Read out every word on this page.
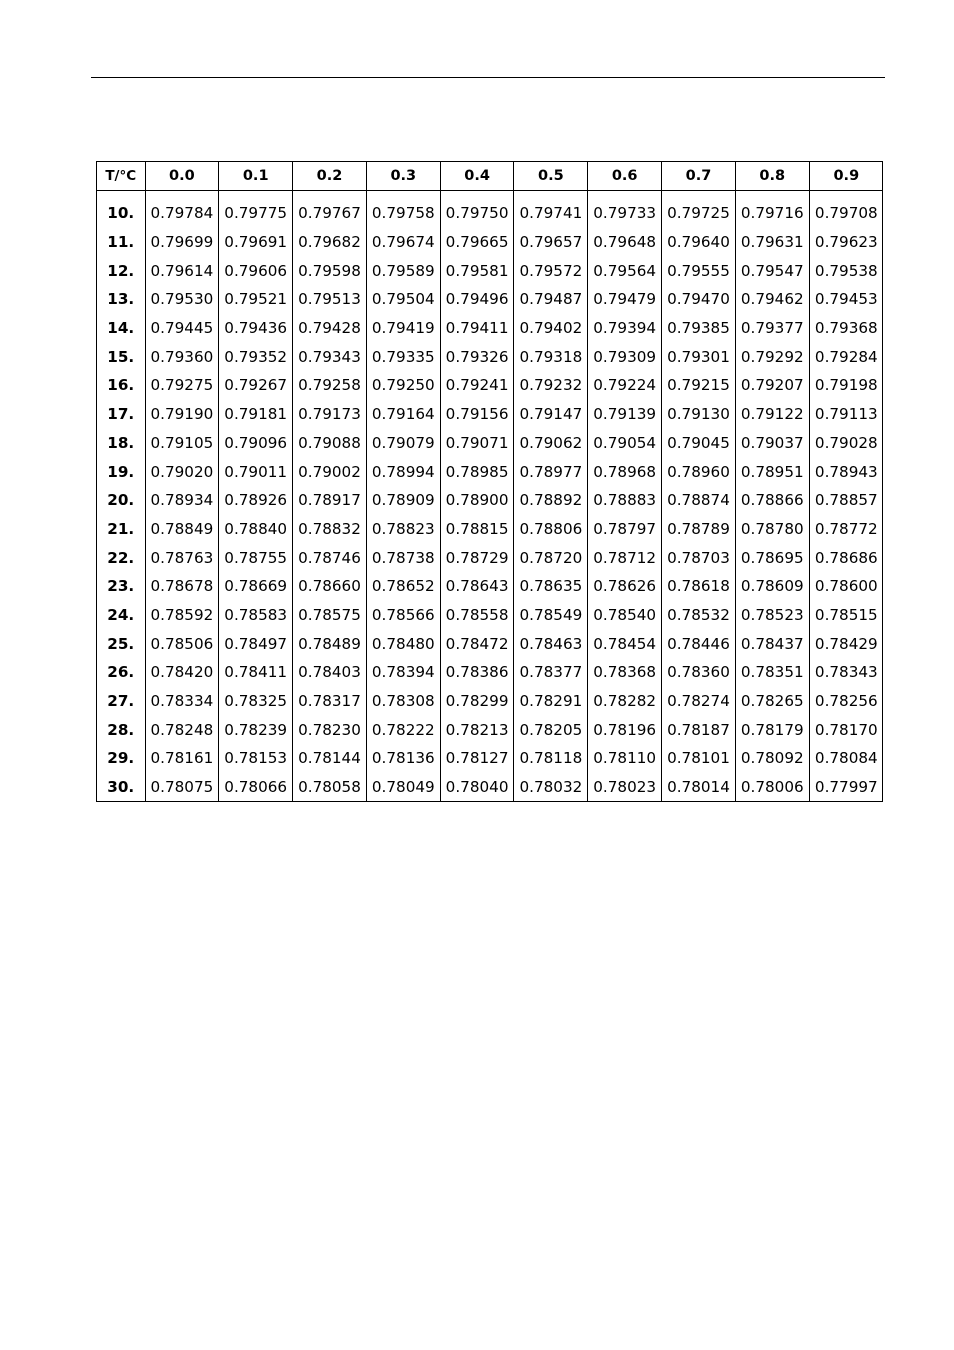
T/°C	0.0	0.1	0.2	0.3	0.4	0.5	0.6	0.7	0.8	0.9

10.	0.79784	0.79775	0.79767	0.79758	0.79750	0.79741	0.79733	0.79725	0.79716	0.79708
11.	0.79699	0.79691	0.79682	0.79674	0.79665	0.79657	0.79648	0.79640	0.79631	0.79623
12.	0.79614	0.79606	0.79598	0.79589	0.79581	0.79572	0.79564	0.79555	0.79547	0.79538
13.	0.79530	0.79521	0.79513	0.79504	0.79496	0.79487	0.79479	0.79470	0.79462	0.79453
14.	0.79445	0.79436	0.79428	0.79419	0.79411	0.79402	0.79394	0.79385	0.79377	0.79368
15.	0.79360	0.79352	0.79343	0.79335	0.79326	0.79318	0.79309	0.79301	0.79292	0.79284
16.	0.79275	0.79267	0.79258	0.79250	0.79241	0.79232	0.79224	0.79215	0.79207	0.79198
17.	0.79190	0.79181	0.79173	0.79164	0.79156	0.79147	0.79139	0.79130	0.79122	0.79113
18.	0.79105	0.79096	0.79088	0.79079	0.79071	0.79062	0.79054	0.79045	0.79037	0.79028
19.	0.79020	0.79011	0.79002	0.78994	0.78985	0.78977	0.78968	0.78960	0.78951	0.78943
20.	0.78934	0.78926	0.78917	0.78909	0.78900	0.78892	0.78883	0.78874	0.78866	0.78857
21.	0.78849	0.78840	0.78832	0.78823	0.78815	0.78806	0.78797	0.78789	0.78780	0.78772
22.	0.78763	0.78755	0.78746	0.78738	0.78729	0.78720	0.78712	0.78703	0.78695	0.78686
23.	0.78678	0.78669	0.78660	0.78652	0.78643	0.78635	0.78626	0.78618	0.78609	0.78600
24.	0.78592	0.78583	0.78575	0.78566	0.78558	0.78549	0.78540	0.78532	0.78523	0.78515
25.	0.78506	0.78497	0.78489	0.78480	0.78472	0.78463	0.78454	0.78446	0.78437	0.78429
26.	0.78420	0.78411	0.78403	0.78394	0.78386	0.78377	0.78368	0.78360	0.78351	0.78343
27.	0.78334	0.78325	0.78317	0.78308	0.78299	0.78291	0.78282	0.78274	0.78265	0.78256
28.	0.78248	0.78239	0.78230	0.78222	0.78213	0.78205	0.78196	0.78187	0.78179	0.78170
29.	0.78161	0.78153	0.78144	0.78136	0.78127	0.78118	0.78110	0.78101	0.78092	0.78084
30.	0.78075	0.78066	0.78058	0.78049	0.78040	0.78032	0.78023	0.78014	0.78006	0.77997
